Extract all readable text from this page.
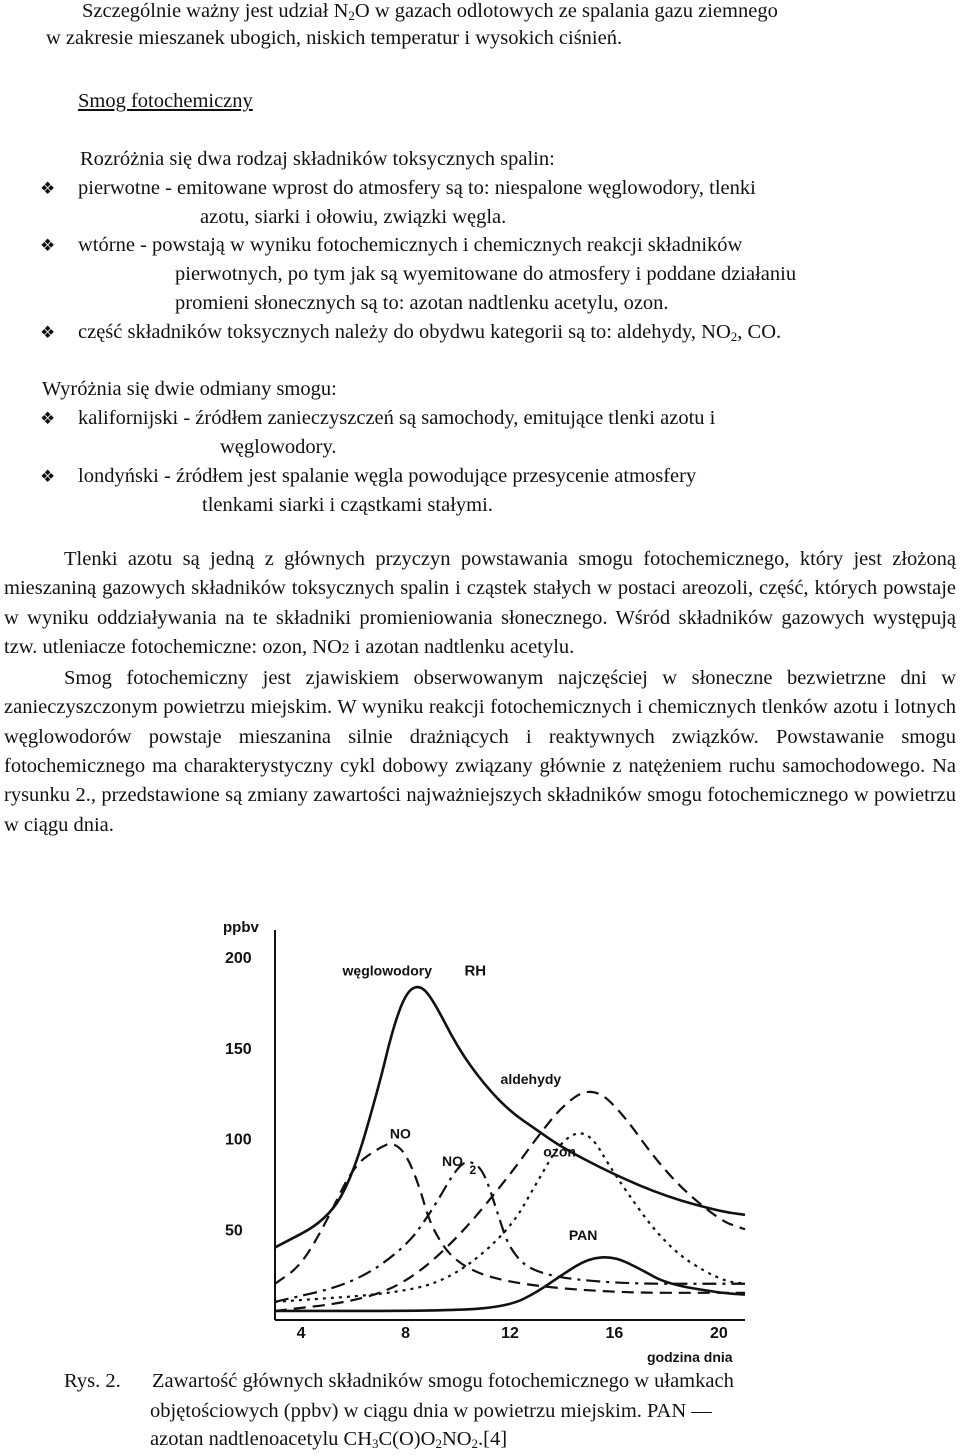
Szczególnie ważny jest udział $N_2O$ w gazach odlotowych ze spalania gazu ziemnego
w zakresie mieszanek ubogich, niskich temperatur i wysokich ciśnień.
Smog fotochemiczny
Rozróżnia się dwa rodzaj składników toksycznych spalin:
❖ pierwotne - emitowane wprost do atmosfery są to: niespalone węglowodory, tlenki
azotu, siarki i ołowiu, związki węgla.
❖ wtórne - powstają w wyniku fotochemicznych i chemicznych reakcji składników
pierwotnych, po tym jak są wyemitowane do atmosfery i poddane działaniu
promieni słonecznych są to: azotan nadtlenku acetylu, ozon.
❖ część składników toksycznych należy do obydwu kategorii są to: aldehydy, $NO_2$, CO.
Wyróżnia się dwie odmiany smogu:
❖ kalifornijski - źródłem zanieczyszczeń są samochody, emitujące tlenki azotu i
węglowodory.
❖ londyński - źródłem jest spalanie węgla powodujące przesycenie atmosfery
tlenkami siarki i cząstkami stałymi.

Tlenki azotu są jedną z głównych przyczyn powstawania smogu fotochemicznego, który jest złożoną mieszaniną gazowych składników toksycznych spalin i cząstek stałych w postaci areozoli, część, których powstaje w wyniku oddziaływania na te składniki promieniowania słonecznego. Wśród składników gazowych występują tzw. utleniacze fotochemiczne: ozon, NO2 i azotan nadtlenku acetylu.

Smog fotochemiczny jest zjawiskiem obserwowanym najczęściej w słoneczne bezwietrzne dni w zanieczyszczonym powietrzu miejskim. W wyniku reakcji fotochemicznych i chemicznych tlenków azotu i lotnych węglowodorów powstaje mieszanina silnie drażniących i reaktywnych związków. Powstawanie smogu fotochemicznego ma charakterystyczny cykl dobowy związany głównie z natężeniem ruchu samochodowego. Na rysunku 2., przedstawione są zmiany zawartości najważniejszych składników smogu fotochemicznego w powietrzu w ciągu dnia.

ppbv
godzina dnia
50
100
150
200
4	8	12	16	20
węglowodory RH
NO
NO
2
aldehydy
ozon
PAN
Rys. 2. Zawartość głównych składników smogu fotochemicznego w ułamkach
objętościowych (ppbv) w ciągu dnia w powietrzu miejskim. PAN —
azotan nadtlenoacetylu $CH_3C(O)O_2NO_2.[4]$
